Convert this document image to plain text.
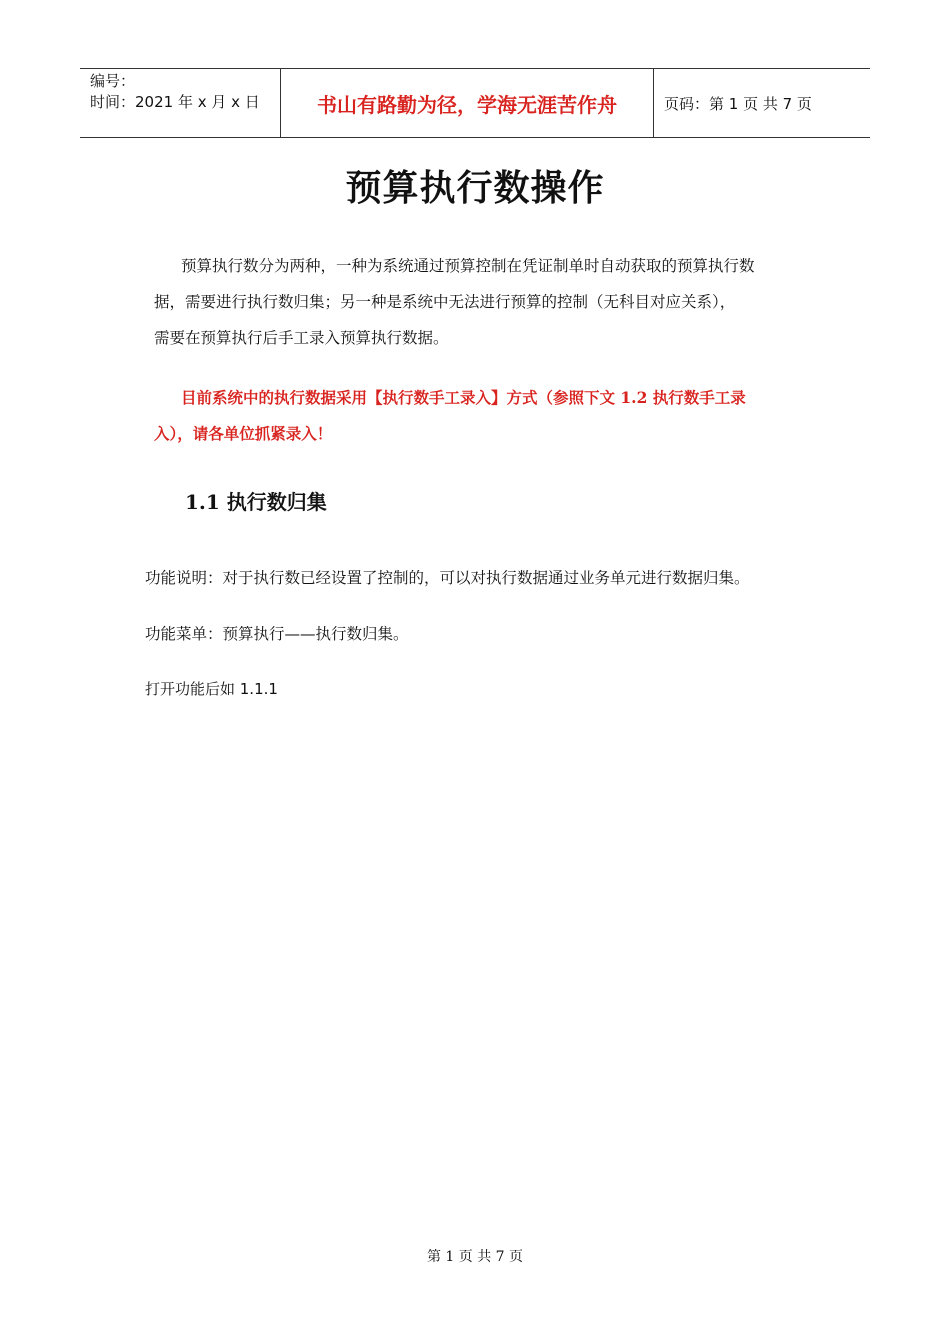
编号：
时间：2021 年 x 月 x 日	书山有路勤为径，学海无涯苦作舟	页码：第 1 页 共 7 页
预算执行数操作
预算执行数分为两种，一种为系统通过预算控制在凭证制单时自动获取的预算执行数
据，需要进行执行数归集；另一种是系统中无法进行预算的控制（无科目对应关系），
需要在预算执行后手工录入预算执行数据。
目前系统中的执行数据采用【执行数手工录入】方式（参照下文 1.2 执行数手工录
入），请各单位抓紧录入！
1.1 执行数归集
功能说明：对于执行数已经设置了控制的，可以对执行数据通过业务单元进行数据归集。
功能菜单：预算执行——执行数归集。
打开功能后如 1.1.1
第 1 页 共 7 页
